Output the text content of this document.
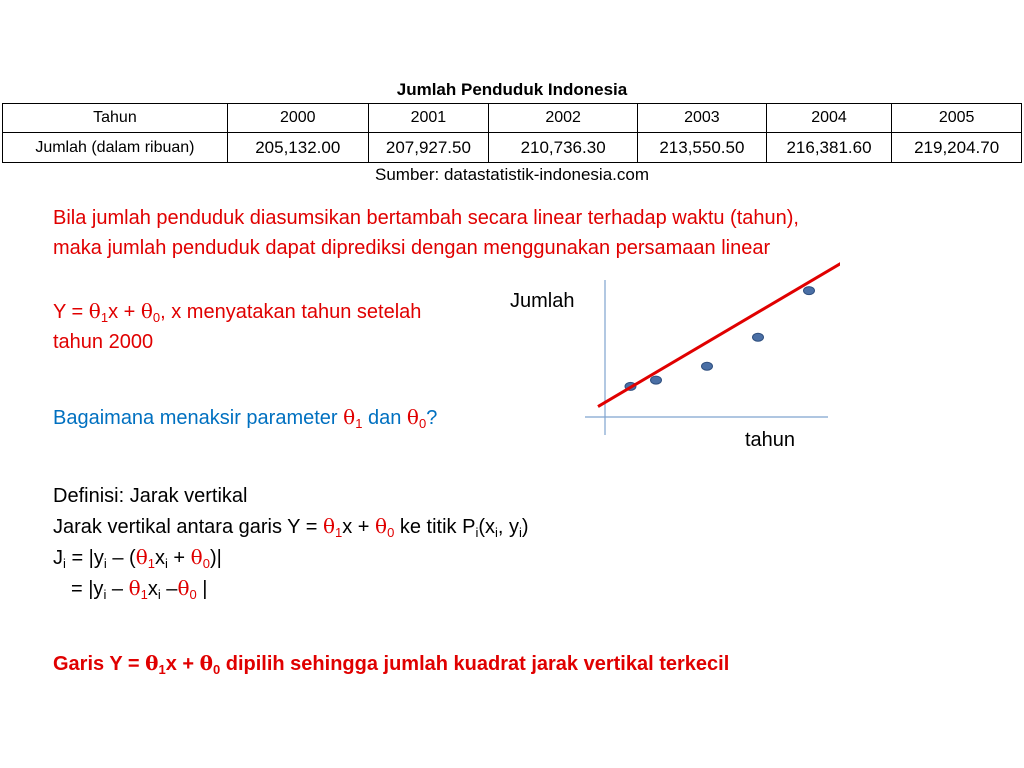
Jumlah Penduduk Indonesia
Tahun	2000	2001	2002	2003	2004	2005
Jumlah (dalam ribuan)	205,132.00	207,927.50	210,736.30	213,550.50	216,381.60	219,204.70
Sumber: datastatistik-indonesia.com
Bila jumlah penduduk diasumsikan bertambah secara linear terhadap waktu (tahun),
maka jumlah penduduk dapat diprediksi dengan menggunakan persamaan linear
$Y = \theta_1x + \theta_0$, x menyatakan tahun setelah
tahun 2000
Bagaimana menaksir parameter $\theta_1$ dan $\theta_0$?
Definisi: Jarak vertikal
Jarak vertikal antara garis $Y = \theta_1x + \theta_0$ ke titik $P_i(x_i$, $y_i$)
$J_i = |y_i - (\theta_1x_i + \theta_0)|$
= $|y_i - \theta_1x_i$ $-\theta_0$ |
Garis $Y = \theta_1x + \theta_0$ dipilih sehingga jumlah kuadrat jarak vertikal terkecil
Jumlah
tahun
